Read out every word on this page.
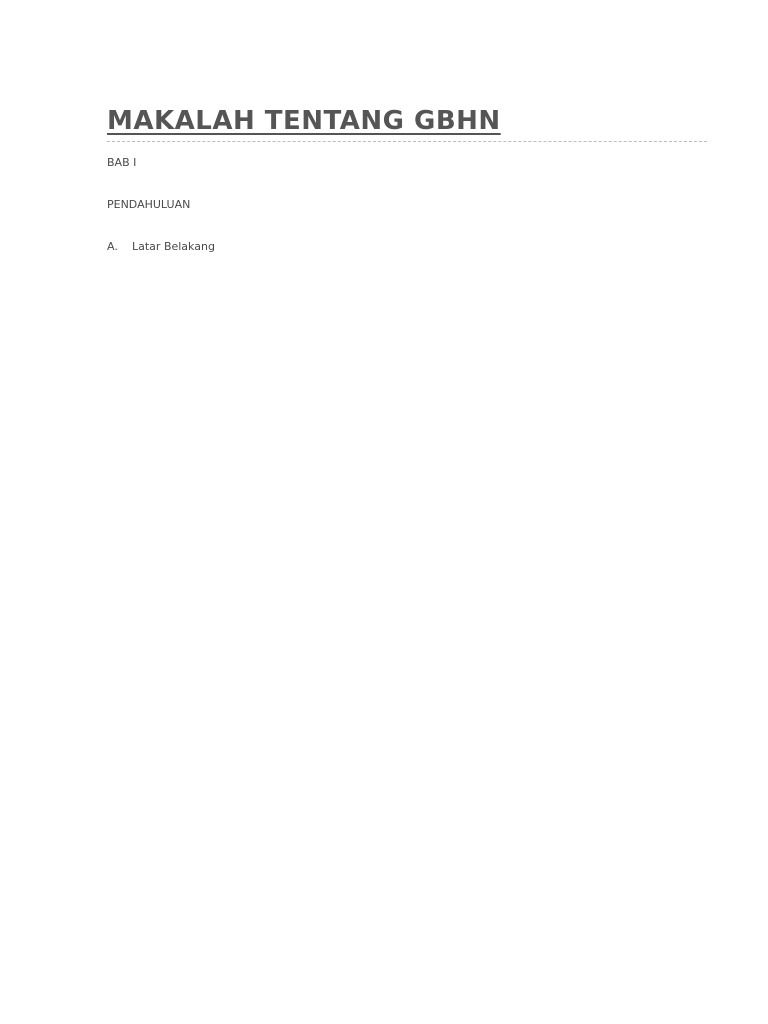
MAKALAH TENTANG GBHN
BAB I
PENDAHULUAN
A.	Latar Belakang
